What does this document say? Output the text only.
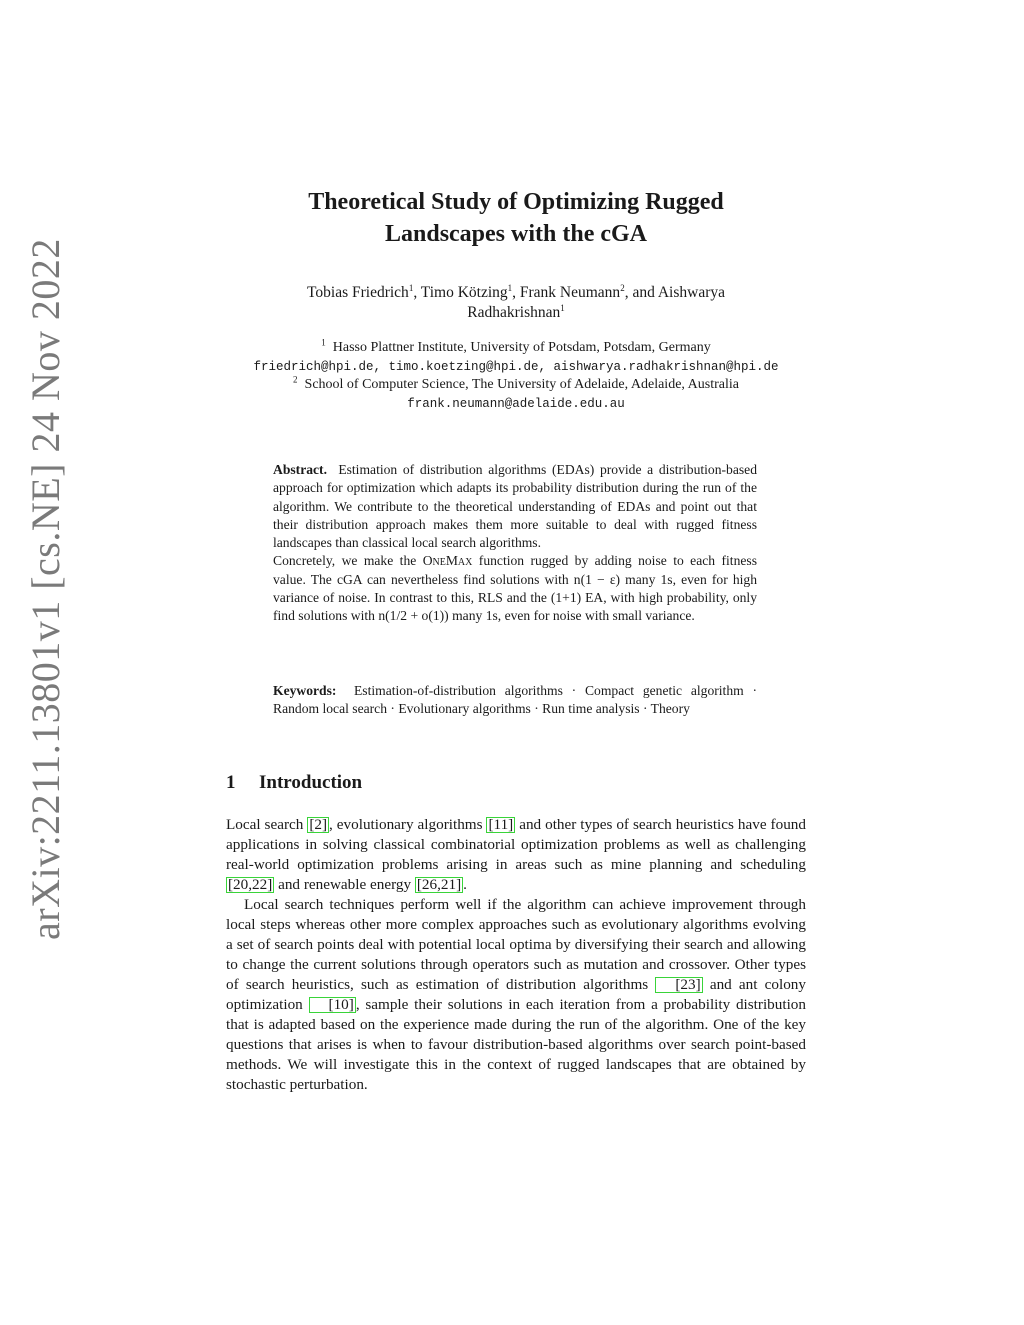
arXiv:2211.13801v1 [cs.NE] 24 Nov 2022
Theoretical Study of Optimizing Rugged
Landscapes with the cGA
Tobias Friedrich$^1$, Timo Kötzing$^1$, Frank Neumann$^2$, and Aishwarya
Radhakrishnan$^1$
$^1$ Hasso Plattner Institute, University of Potsdam, Potsdam, Germany
friedrich@hpi.de, timo.koetzing@hpi.de, aishwarya.radhakrishnan@hpi.de
$^2$ School of Computer Science, The University of Adelaide, Adelaide, Australia
frank.neumann@adelaide.edu.au

Abstract. Estimation of distribution algorithms (EDAs) provide a distribution-based approach for optimization which adapts its probability distribution during the run of the algorithm. We contribute to the theoretical understanding of EDAs and point out that their distribution approach makes them more suitable to deal with rugged fitness landscapes than classical local search algorithms.

Concretely, we make the OneMax function rugged by adding noise to each fitness value. The cGA can nevertheless find solutions with n(1 − ε) many 1s, even for high variance of noise. In contrast to this, RLS and the (1+1) EA, with high probability, only find solutions with n(1/2 + o(1)) many 1s, even for noise with small variance.

Keywords: Estimation-of-distribution algorithms · Compact genetic algorithm · Random local search · Evolutionary algorithms · Run time analysis · Theory
1 Introduction

Local search [2] , evolutionary algorithms [11] and other types of search heuristics have found applications in solving classical combinatorial optimization problems as well as challenging real-world optimization problems arising in areas such as mine planning and scheduling [20,22] and renewable energy [26,21] .

Local search techniques perform well if the algorithm can achieve improvement through local steps whereas other more complex approaches such as evolutionary algorithms evolving a set of search points deal with potential local optima by diversifying their search and allowing to change the current solutions through operators such as mutation and crossover. Other types of search heuristics, such as estimation of distribution algorithms [23] and ant colony optimization [10] , sample their solutions in each iteration from a probability distribution that is adapted based on the experience made during the run of the algorithm. One of the key questions that arises is when to favour distribution-based algorithms over search point-based methods. We will investigate this in the context of rugged landscapes that are obtained by stochastic perturbation.
